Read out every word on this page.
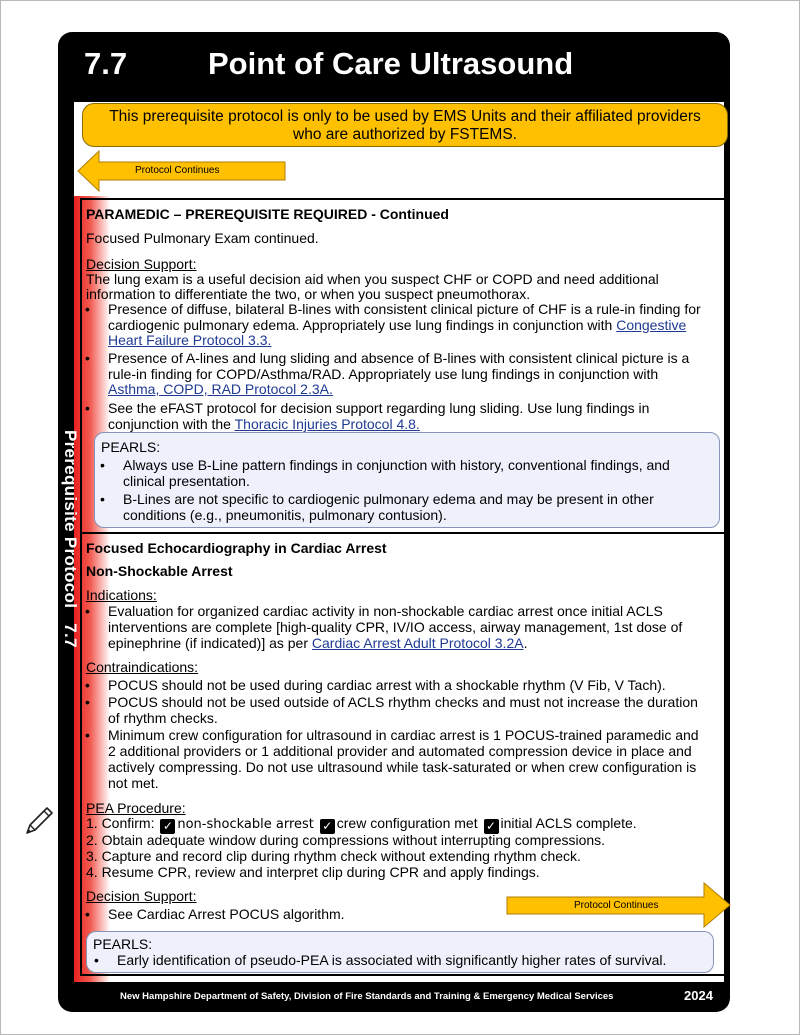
7.7	Point of Care Ultrasound
Prerequisite Protocol   7.7
This prerequisite protocol is only to be used by EMS Units and their affiliated providers
who are authorized by FSTEMS.
Protocol Continues
PARAMEDIC – PREREQUISITE REQUIRED - Continued
Focused Pulmonary Exam continued.
Decision Support:
The lung exam is a useful decision aid when you suspect CHF or COPD and need additional
information to differentiate the two, or when you suspect pneumothorax.
• Presence of diffuse, bilateral B-lines with consistent clinical picture of CHF is a rule-in finding for
cardiogenic pulmonary edema. Appropriately use lung findings in conjunction with Congestive
Heart Failure Protocol 3.3.
• Presence of A-lines and lung sliding and absence of B-lines with consistent clinical picture is a
rule-in finding for COPD/Asthma/RAD. Appropriately use lung findings in conjunction with
Asthma, COPD, RAD Protocol 2.3A.
• See the eFAST protocol for decision support regarding lung sliding. Use lung findings in
conjunction with the Thoracic Injuries Protocol 4.8.
PEARLS:
• Always use B-Line pattern findings in conjunction with history, conventional findings, and
clinical presentation.
• B-Lines are not specific to cardiogenic pulmonary edema and may be present in other
conditions (e.g., pneumonitis, pulmonary contusion).
Focused Echocardiography in Cardiac Arrest
Non-Shockable Arrest
Indications:
• Evaluation for organized cardiac activity in non-shockable cardiac arrest once initial ACLS
interventions are complete [high-quality CPR, IV/IO access, airway management, 1st dose of
epinephrine (if indicated)] as per Cardiac Arrest Adult Protocol 3.2A.
Contraindications:
• POCUS should not be used during cardiac arrest with a shockable rhythm (V Fib, V Tach).
• POCUS should not be used outside of ACLS rhythm checks and must not increase the duration
of rhythm checks.
• Minimum crew configuration for ultrasound in cardiac arrest is 1 POCUS-trained paramedic and
2 additional providers or 1 additional provider and automated compression device in place and
actively compressing. Do not use ultrasound while task-saturated or when crew configuration is
not met.
PEA Procedure:
1. Confirm: ✓ non-shockable arrest ✓ crew configuration met ✓ initial ACLS complete.
2. Obtain adequate window during compressions without interrupting compressions.
3. Capture and record clip during rhythm check without extending rhythm check.
4. Resume CPR, review and interpret clip during CPR and apply findings.
Decision Support:
• See Cardiac Arrest POCUS algorithm.
Protocol Continues
PEARLS:
• Early identification of pseudo-PEA is associated with significantly higher rates of survival.
New Hampshire Department of Safety, Division of Fire Standards and Training & Emergency Medical Services	2024
